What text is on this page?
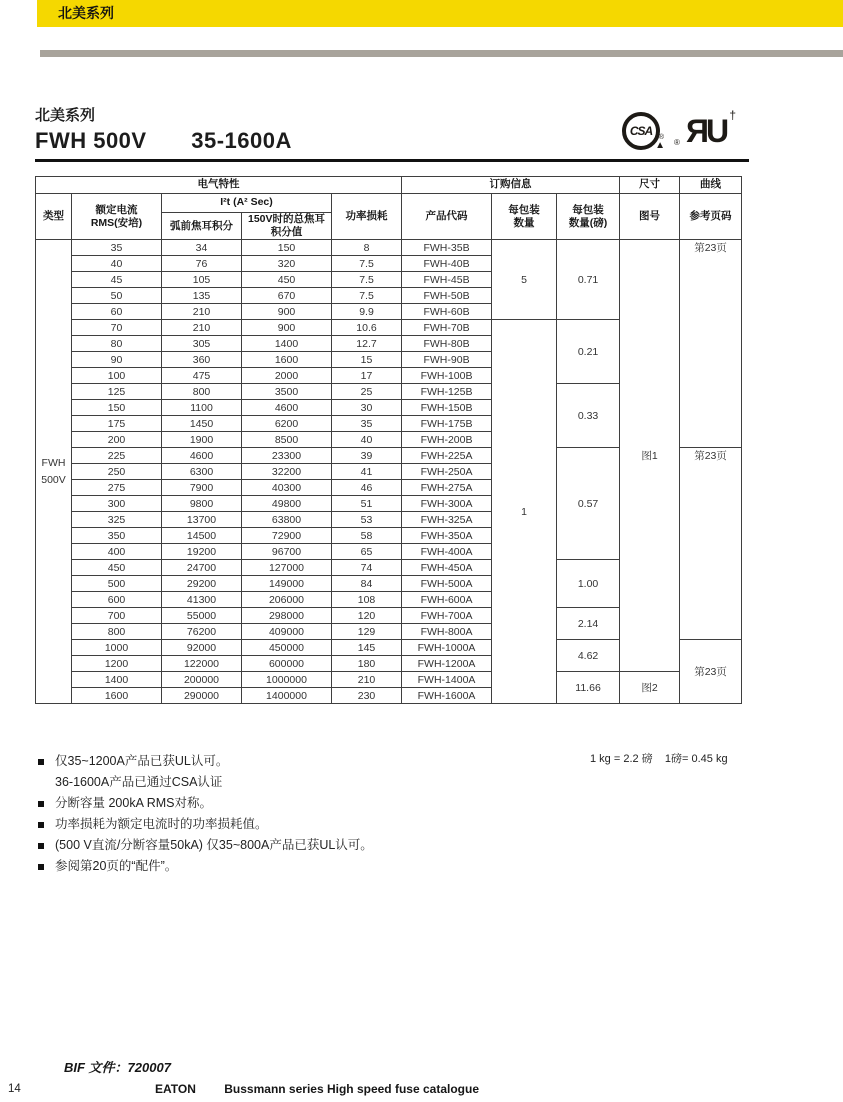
北美系列
北美系列
FWH 500V 35-1600A	CSA ®
▲ ® ЯU †
电气特性					订购信息			尺寸	曲线
类型	额定电流
RMS(安培)	I²t (A² Sec)		功率损耗	产品代码	每包装
数量	每包装
数量(磅)	图号	参考页码
		弧前焦耳积分	150V时的总焦耳
积分值						

FWH
500V	35	34	150	8	FWH-35B	5	0.71	图1	第23页
	40	76	320	7.5	FWH-40B				
	45	105	450	7.5	FWH-45B				
	50	135	670	7.5	FWH-50B				
	60	210	900	9.9	FWH-60B				
	70	210	900	10.6	FWH-70B	1	0.21		
	80	305	1400	12.7	FWH-80B				
	90	360	1600	15	FWH-90B				
	100	475	2000	17	FWH-100B				
	125	800	3500	25	FWH-125B		0.33		
	150	1100	4600	30	FWH-150B				
	175	1450	6200	35	FWH-175B				
	200	1900	8500	40	FWH-200B				
	225	4600	23300	39	FWH-225A		0.57		第23页
	250	6300	32200	41	FWH-250A				
	275	7900	40300	46	FWH-275A				
	300	9800	49800	51	FWH-300A				
	325	13700	63800	53	FWH-325A				
	350	14500	72900	58	FWH-350A				
	400	19200	96700	65	FWH-400A				
	450	24700	127000	74	FWH-450A		1.00		
	500	29200	149000	84	FWH-500A				
	600	41300	206000	108	FWH-600A				
	700	55000	298000	120	FWH-700A		2.14		
	800	76200	409000	129	FWH-800A				
	1000	92000	450000	145	FWH-1000A		4.62		第23页
	1200	122000	600000	180	FWH-1200A				
	1400	200000	1000000	210	FWH-1400A		11.66	图2	
	1600	290000	1400000	230	FWH-1600A				
1 kg = 2.2 磅    1磅= 0.45 kg
仅35~1200A产品已获UL认可。
36-1600A产品已通过CSA认证
分断容量 200kA RMS对称。
功率损耗为额定电流时的功率损耗值。
(500 V直流/分断容量50kA) 仅35~800A产品已获UL认可。
参阅第20页的“配件”。
BIF 文件：720007
14	EATON Bussmann series High speed fuse catalogue
